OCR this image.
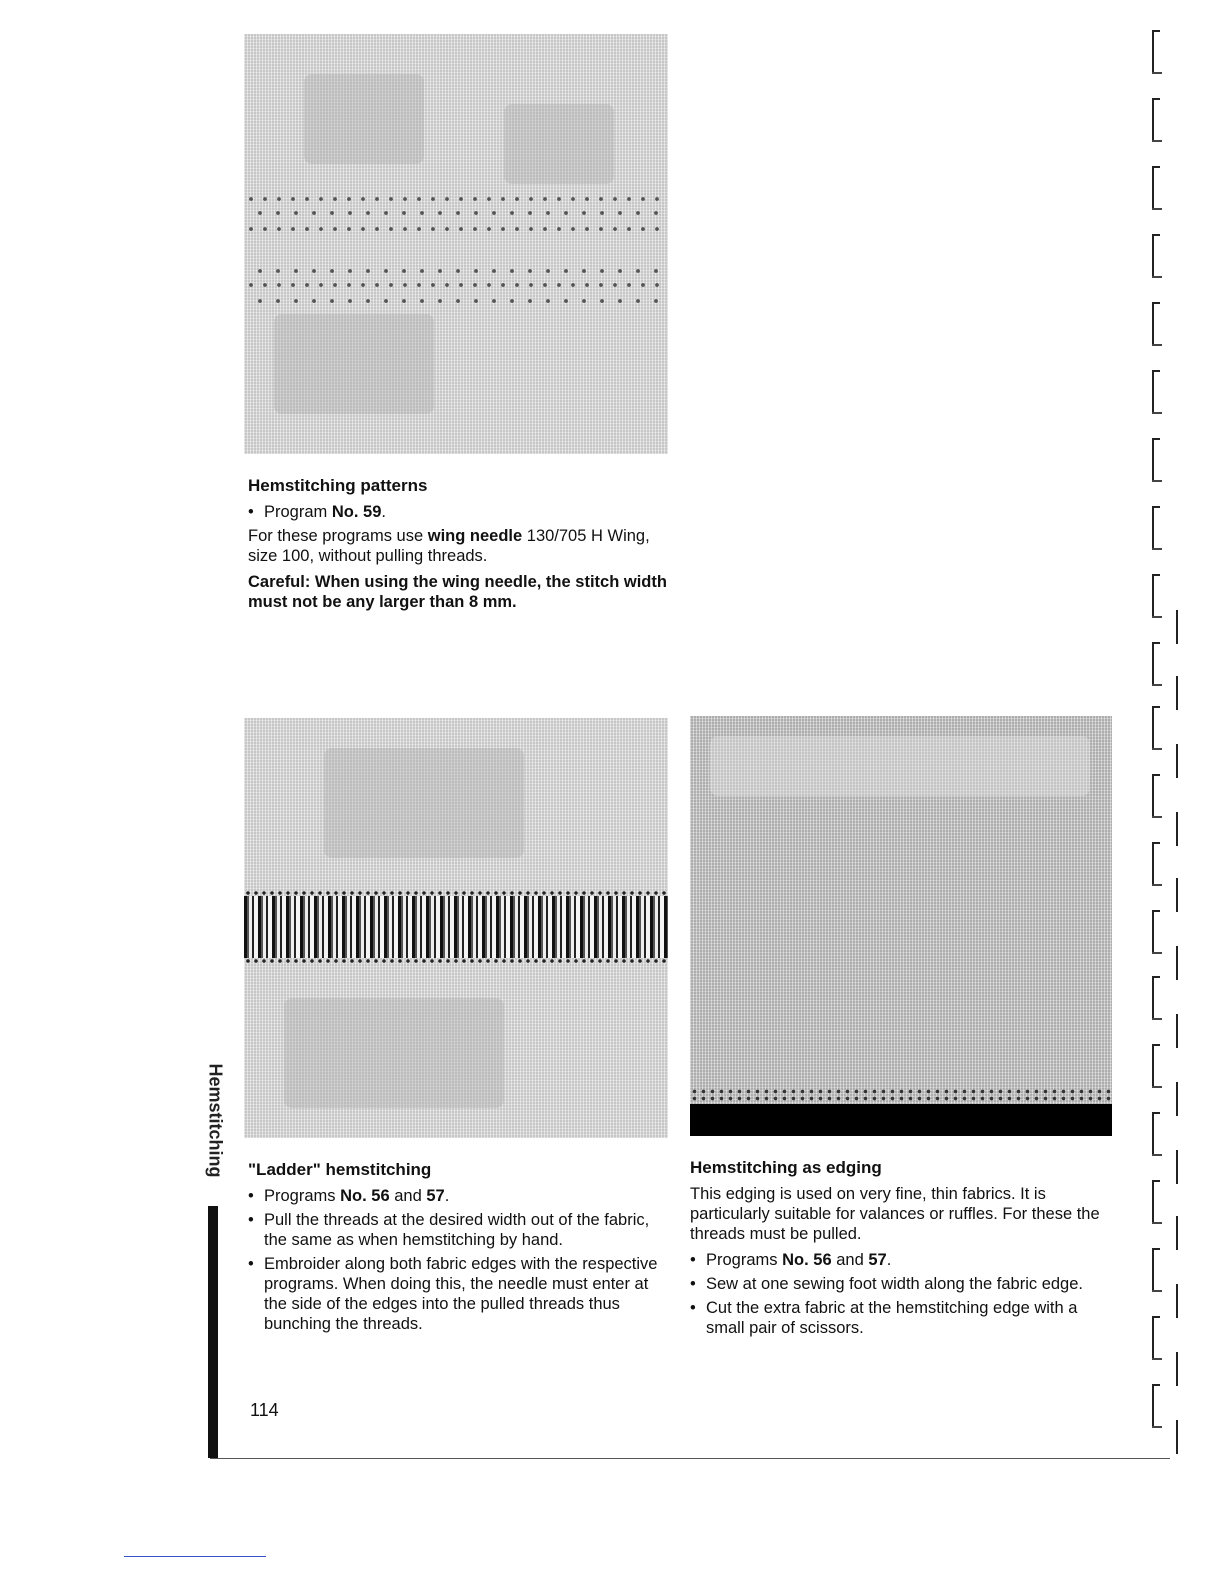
Hemstitching patterns
• Program No. 59.
For these programs use wing needle 130/705 H Wing, size 100, without pulling threads.
Careful: When using the wing needle, the stitch width must not be any larger than 8 mm.
"Ladder" hemstitching
• Programs No. 56 and 57.
• Pull the threads at the desired width out of the fabric, the same as when hemstitching by hand.
• Embroider along both fabric edges with the respective programs. When doing this, the needle must enter at the side of the edges into the pulled threads thus bunching the threads.
Hemstitching as edging
This edging is used on very fine, thin fabrics. It is particularly suitable for valances or ruffles. For these the threads must be pulled.
• Programs No. 56 and 57.
• Sew at one sewing foot width along the fabric edge.
• Cut the extra fabric at the hemstitching edge with a small pair of scissors.
114
Hemstitching
